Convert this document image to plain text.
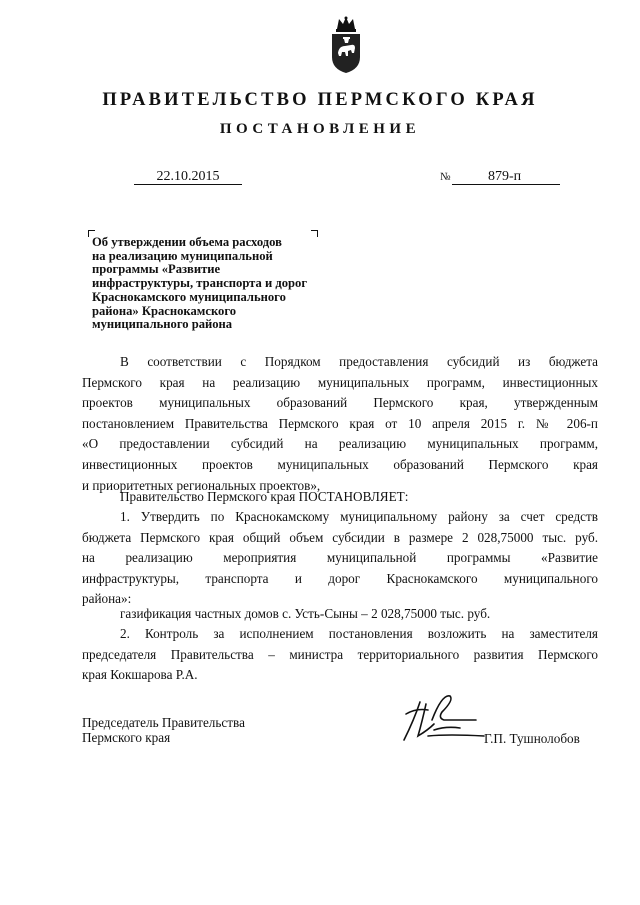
ПРАВИТЕЛЬСТВО ПЕРМСКОГО КРАЯ
ПОСТАНОВЛЕНИЕ
22.10.2015	№	879-п
Об утверждении объема расходов
на реализацию муниципальной
программы «Развитие
инфраструктуры, транспорта и дорог
Краснокамского муниципального
района» Краснокамского
муниципального района
В соответствии с Порядком предоставления субсидий из бюджета
Пермского края на реализацию муниципальных программ, инвестиционных
проектов муниципальных образований Пермского края, утвержденным
постановлением Правительства Пермского края от 10 апреля 2015 г. № 206-п
«О предоставлении субсидий на реализацию муниципальных программ,
инвестиционных проектов муниципальных образований Пермского края
и приоритетных региональных проектов»,
Правительство Пермского края ПОСТАНОВЛЯЕТ:
1. Утвердить по Краснокамскому муниципальному району за счет средств
бюджета Пермского края общий объем субсидии в размере 2 028,75000 тыс. руб.
на реализацию мероприятия муниципальной программы «Развитие
инфраструктуры, транспорта и дорог Краснокамского муниципального
района»:
газификация частных домов с. Усть-Сыны – 2 028,75000 тыс. руб.
2. Контроль за исполнением постановления возложить на заместителя
председателя Правительства – министра территориального развития Пермского
края Кокшарова Р.А.
Председатель Правительства
Пермского края	Г.П. Тушнолобов
